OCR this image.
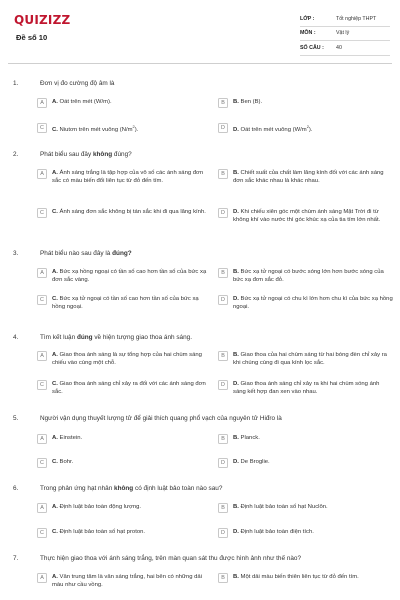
QUIZIZZ
Đề số 10
LỚP :	Tốt nghiệp THPT
MÔN :	Vật lý
SỐ CÂU :	40
1.	Đơn vị đo cường độ âm là
A	A. Oát trên mét (W/m).	B	B. Ben (B).
C	C. Niutơn trên mét vuông $(N/m^2)$.	D	D. Oát trên mét vuông $(W/m^2)$.
2.	Phát biểu sau đây không đúng?
A	A. Ánh sáng trắng là tập hợp của vô số các ánh sáng đơn sắc có màu biến đổi liên tục từ đỏ đến tím.
B	B. Chiết suất của chất làm lăng kính đối với các ánh sáng đơn sắc khác nhau là khác nhau.
C	C. Ánh sáng đơn sắc không bị tán sắc khi đi qua lăng kính.	D	D. Khi chiếu xiên góc một chùm ánh sáng Mặt Trời đi từ không khí vào nước thì góc khúc xạ của tia tím lớn nhất.
3.	Phát biểu nào sau đây là đúng?
A	A. Bức xạ hồng ngoại có tần số cao hơn tần số của bức xạ đơn sắc vàng.
B	B. Bức xạ tử ngoại có bước sóng lớn hơn bước sóng của bức xạ đơn sắc đỏ.
C	C. Bức xạ tử ngoại có tần số cao hơn tần số của bức xạ hồng ngoại.
D	D. Bức xạ tử ngoại có chu kì lớn hơn chu kì của bức xạ hồng ngoại.
4.	Tìm kết luận đúng về hiện tượng giao thoa ánh sáng.
A	A. Giao thoa ánh sáng là sự tổng hợp của hai chùm sáng chiếu vào cùng một chỗ.
B	B. Giao thoa của hai chùm sáng từ hai bóng đèn chỉ xảy ra khi chúng cùng đi qua kính lọc sắc.
C	C. Giao thoa ánh sáng chỉ xảy ra đối với các ánh sáng đơn sắc.
D	D. Giao thoa ánh sáng chỉ xảy ra khi hai chùm sóng ánh sáng kết hợp đan xen vào nhau.
5.	Người vận dụng thuyết lượng tử để giải thích quang phổ vạch của nguyên tử Hiđro là
A	A. Einstein.	B	B. Planck.
C	C. Bohr.	D	D. De Broglie.
6.	Trong phản ứng hạt nhân không có định luật bảo toàn nào sau?
A	A. Định luật bảo toàn động lượng.	B	B. Định luật bảo toàn số hạt Nuclôn.
C	C. Định luật bảo toàn số hạt proton.	D	D. Định luật bảo toàn điện tích.
7.	Thực hiện giao thoa với ánh sáng trắng, trên màn quan sát thu được hình ảnh như thế nào?
A	A. Vân trung tâm là vân sáng trắng, hai bên có những dải màu như cầu vồng.
B	B. Một dải màu biến thiên liên tục từ đỏ đến tím.
